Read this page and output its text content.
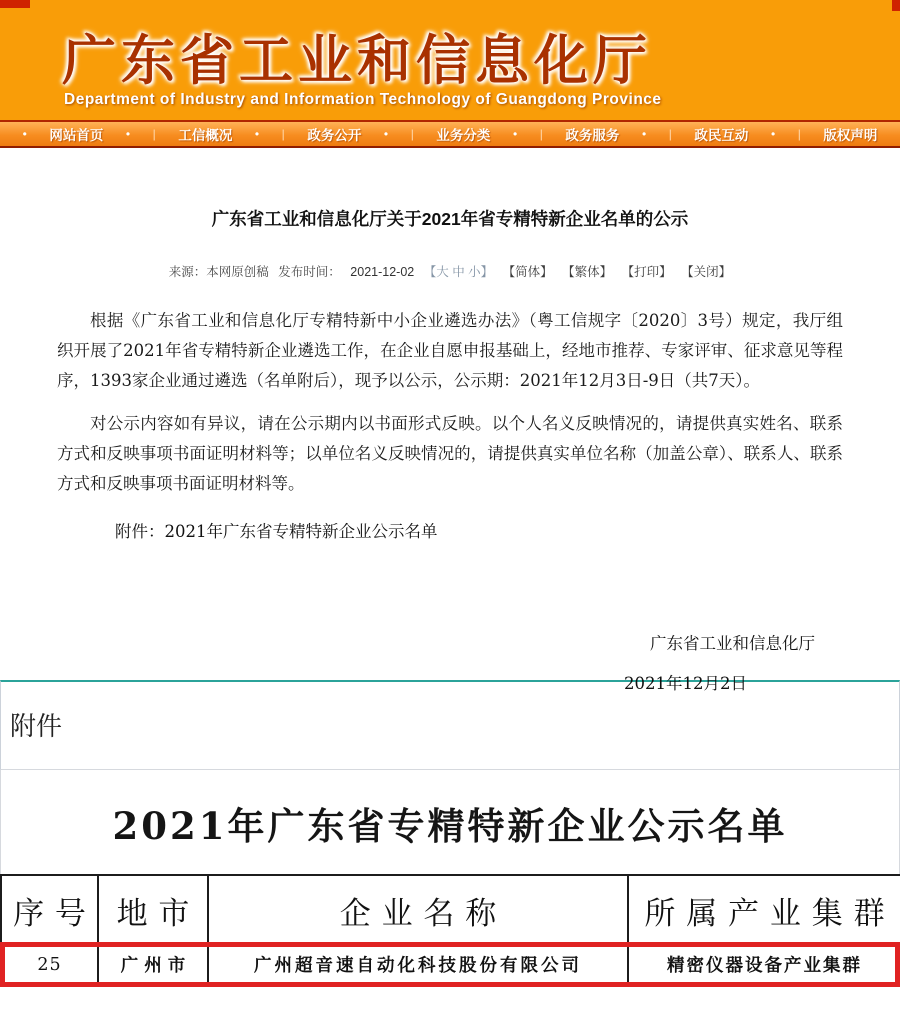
广东省工业和信息化厅
Department of Industry and Information Technology of Guangdong Province
• 网站首页 • | 工信概况 • | 政务公开 • | 业务分类 • | 政务服务 • | 政民互动 • | 版权声明
广东省工业和信息化厅关于2021年省专精特新企业名单的公示
来源：本网原创稿 发布时间： 2021-12-02 【大 中 小】 【简体】 【繁体】 【打印】 【关闭】
根据《广东省工业和信息化厅专精特新中小企业遴选办法》（粤工信规字〔2020〕3号）规定，我厅组织开展了2021年省专精特新企业遴选工作，在企业自愿申报基础上，经地市推荐、专家评审、征求意见等程序，1393家企业通过遴选（名单附后），现予以公示，公示期：2021年12月3日-9日（共7天）。
对公示内容如有异议，请在公示期内以书面形式反映。以个人名义反映情况的，请提供真实姓名、联系方式和反映事项书面证明材料等；以单位名义反映情况的，请提供真实单位名称（加盖公章）、联系人、联系方式和反映事项书面证明材料等。
附件：2021年广东省专精特新企业公示名单
广东省工业和信息化厅
2021年12月2日
附件
2021年广东省专精特新企业公示名单
序号	地市	企业名称	所属产业集群
25	广州市	广州超音速自动化科技股份有限公司	精密仪器设备产业集群
